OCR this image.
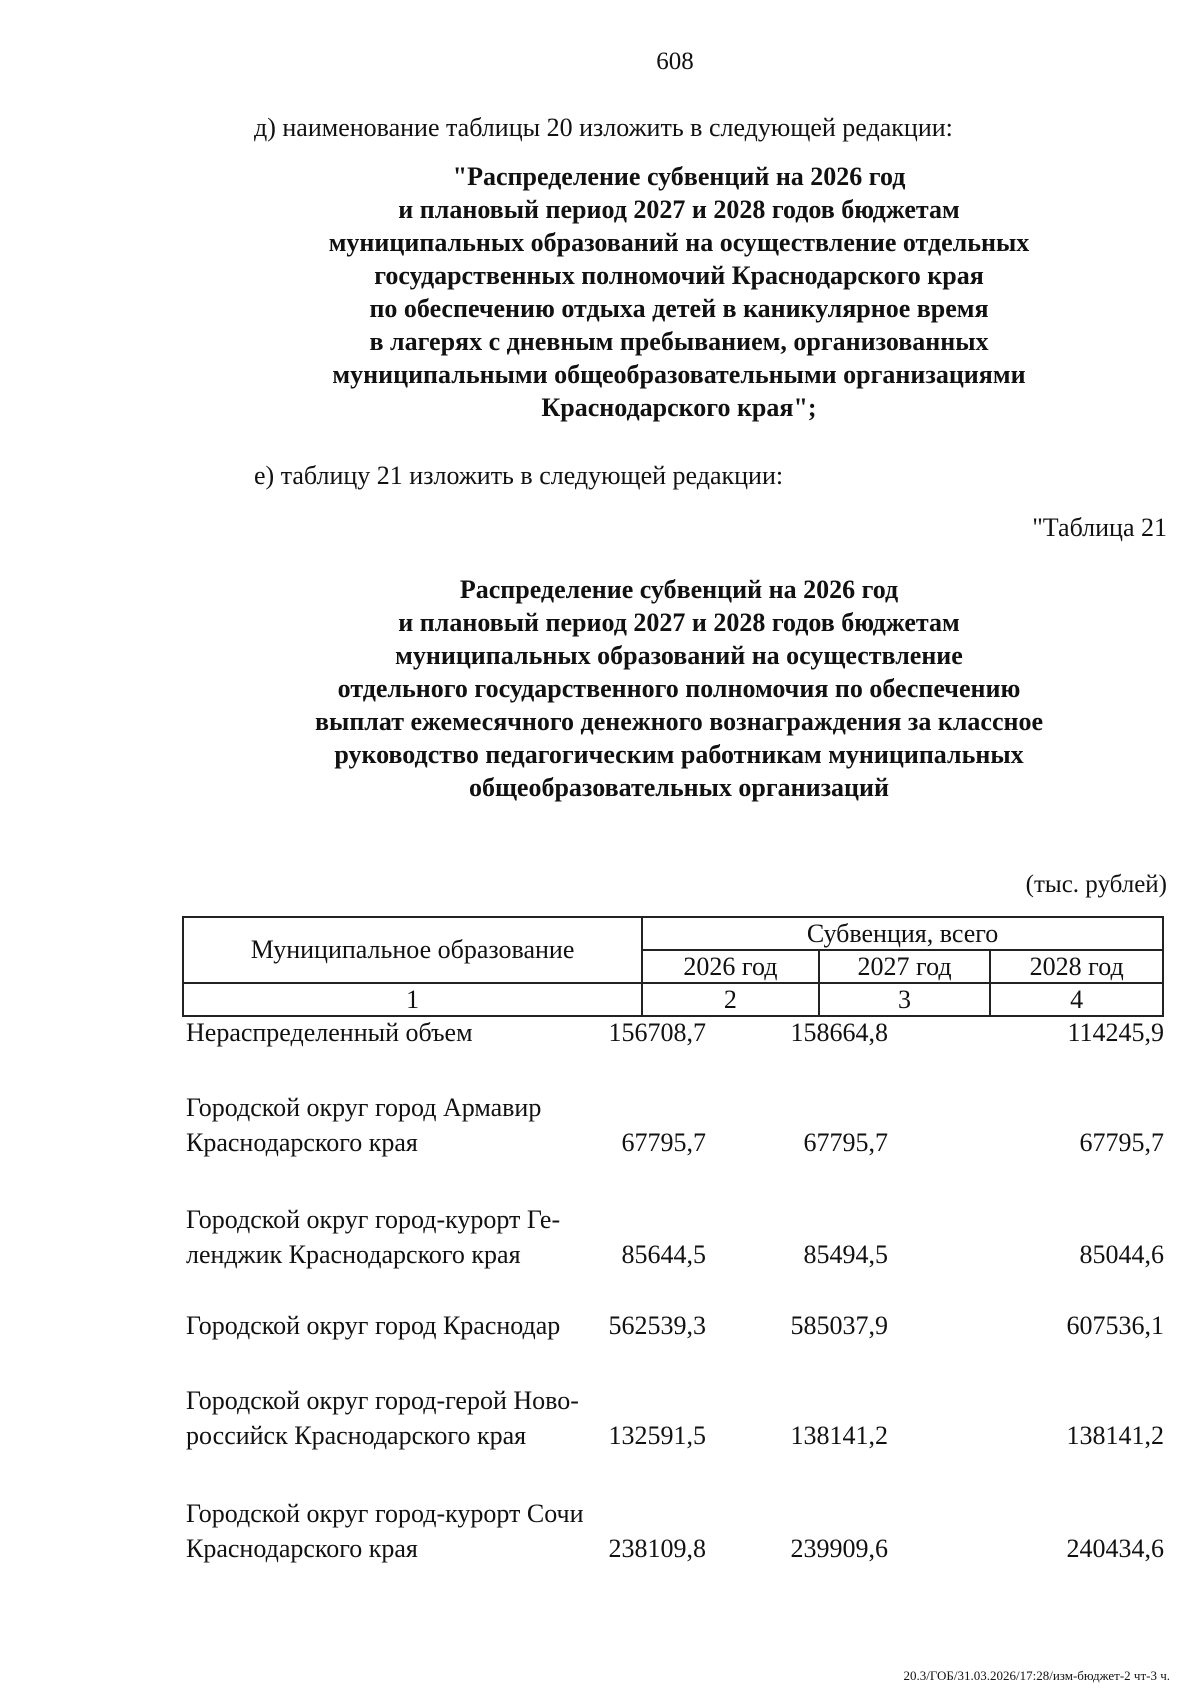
608
д) наименование таблицы 20 изложить в следующей редакции:
"Распределение субвенций на 2026 год
и плановый период 2027 и 2028 годов бюджетам
муниципальных образований на осуществление отдельных
государственных полномочий Краснодарского края
по обеспечению отдыха детей в каникулярное время
в лагерях с дневным пребыванием, организованных
муниципальными общеобразовательными организациями
Краснодарского края";
е) таблицу 21 изложить в следующей редакции:
"Таблица 21
Распределение субвенций на 2026 год
и плановый период 2027 и 2028 годов бюджетам
муниципальных образований на осуществление
отдельного государственного полномочия по обеспечению
выплат ежемесячного денежного вознаграждения за классное
руководство педагогическим работникам муниципальных
общеобразовательных организаций
(тыс. рублей)
Муниципальное образование	Субвенция, всего		
	2026 год	2027 год	2028 год
1	2	3	4
Нераспределенный объем	156708,7	158664,8	114245,9
Городской округ город Армавир
Краснодарского края	67795,7	67795,7	67795,7
Городской округ город-курорт Ге-
ленджик Краснодарского края	85644,5	85494,5	85044,6
Городской округ город Краснодар	562539,3	585037,9	607536,1
Городской округ город-герой Ново-
российск Краснодарского края	132591,5	138141,2	138141,2
Городской округ город-курорт Сочи
Краснодарского края	238109,8	239909,6	240434,6
20.3/ГОБ/31.03.2026/17:28/изм-бюджет-2 чт-3 ч.
